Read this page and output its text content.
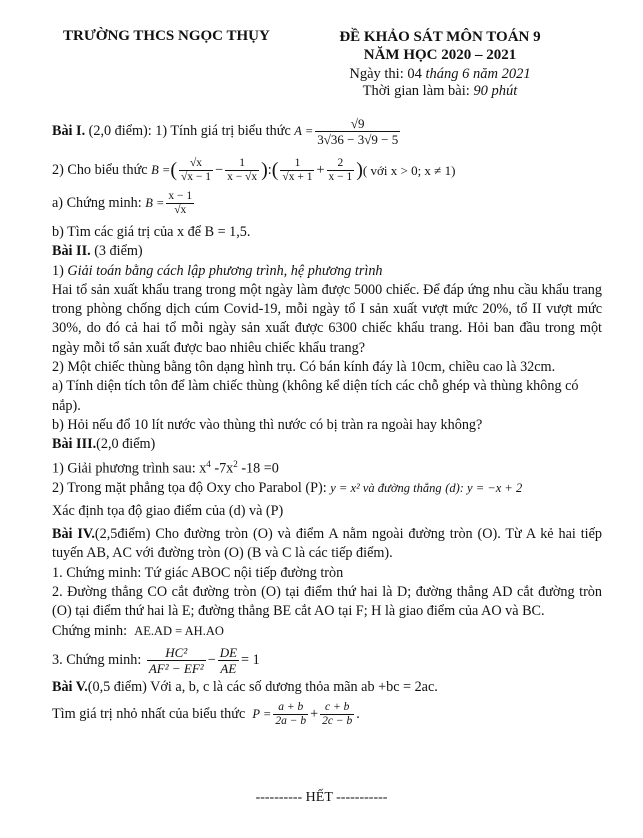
TRƯỜNG THCS NGỌC THỤY	ĐỀ KHẢO SÁT MÔN TOÁN 9
NĂM HỌC 2020 – 2021
Ngày thi: 04 tháng 6 năm 2021
Thời gian làm bài: 90 phút
Bài I.
(2,0 điểm): 1) Tính giá trị biểu thức
$A = \frac{√9}{3√36 - 3√9 - 5}$
2) Cho biểu thức
B = ( $\frac{√x}{√x - 1} - \frac{1}{x - √x}$ ) : ( $\frac{1}{√x + 1} + \frac{2}{x - 1}$ ) ( với x > 0; x ≠ 1)
a) Chứng minh:
$B = \frac{x - 1}{√x}$
b) Tìm các giá trị của x để B = 1,5.
Bài II. (3 điểm)
1) Giải toán bằng cách lập phương trình, hệ phương trình
Hai tổ sản xuất khẩu trang trong một ngày làm được 5000 chiếc. Để đáp ứng nhu cầu khẩu trang trong phòng chống dịch cúm Covid-19, mỗi ngày tổ I sản xuất vượt mức 20%, tổ II vượt mức 30%, do đó cả hai tổ mỗi ngày sản xuất được 6300 chiếc khẩu trang. Hỏi ban đầu trong một ngày mỗi tổ sản xuất được bao nhiêu chiếc khẩu trang?
2) Một chiếc thùng bằng tôn dạng hình trụ. Có bán kính đáy là 10cm, chiều cao là 32cm.
a) Tính diện tích tôn để làm chiếc thùng (không kể diện tích các chỗ ghép và thùng không có nắp).
b) Hỏi nếu đổ 10 lít nước vào thùng thì nước có bị tràn ra ngoài hay không?
Bài III.(2,0 điểm)
1) Giải phương trình sau: $x^4$ $-7x^2$ -18 =0
2) Trong mặt phẳng tọa độ Oxy cho Parabol (P): y = x² và đường thẳng (d): y = −x + 2
Xác định tọa độ giao điểm của (d) và (P)
Bài IV.(2,5điểm) Cho đường tròn (O) và điểm A nằm ngoài đường tròn (O). Từ A kẻ hai tiếp tuyến AB, AC với đường tròn (O) (B và C là các tiếp điểm).
1. Chứng minh: Tứ giác ABOC nội tiếp đường tròn
2. Đường thẳng CO cắt đường tròn (O) tại điểm thứ hai là D; đường thẳng AD cắt đường tròn (O) tại điểm thứ hai là E; đường thẳng BE cắt AO tại F; H là giao điểm của AO và BC.
Chứng minh: AE.AD = AH.AO
3. Chứng minh:
$\frac{\text{HC²}}{\text{AF² − EF²}} - \frac{DE}{AE} = 1$
Bài V.(0,5 điểm) Với a, b, c là các số dương thỏa mãn ab +bc = 2ac.
Tìm giá trị nhỏ nhất của biểu thức
$P = \frac{a + b}{2a - b} + \frac{c + b}{2c - b}$ .
---------- HẾT -----------
